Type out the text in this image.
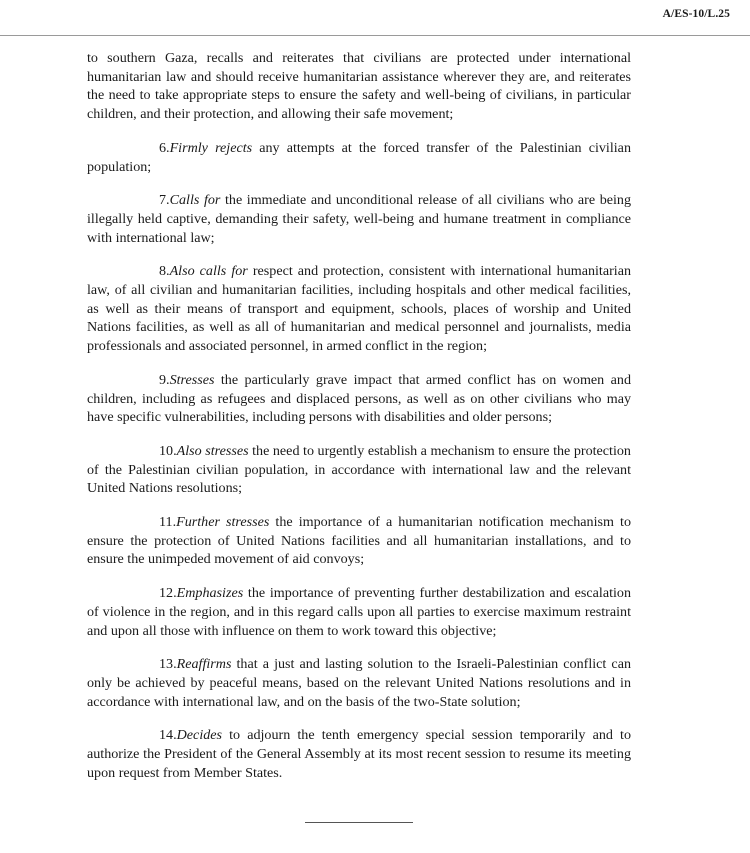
A/ES-10/L.25

to southern Gaza, recalls and reiterates that civilians are protected under international humanitarian law and should receive humanitarian assistance wherever they are, and reiterates the need to take appropriate steps to ensure the safety and well-being of civilians, in particular children, and their protection, and allowing their safe movement;

6.Firmly rejects any attempts at the forced transfer of the Palestinian civilian population;

7.Calls for the immediate and unconditional release of all civilians who are being illegally held captive, demanding their safety, well-being and humane treatment in compliance with international law;

8.Also calls for respect and protection, consistent with international humanitarian law, of all civilian and humanitarian facilities, including hospitals and other medical facilities, as well as their means of transport and equipment, schools, places of worship and United Nations facilities, as well as all of humanitarian and medical personnel and journalists, media professionals and associated personnel, in armed conflict in the region;

9.Stresses the particularly grave impact that armed conflict has on women and children, including as refugees and displaced persons, as well as on other civilians who may have specific vulnerabilities, including persons with disabilities and older persons;

10.Also stresses the need to urgently establish a mechanism to ensure the protection of the Palestinian civilian population, in accordance with international law and the relevant United Nations resolutions;

11.Further stresses the importance of a humanitarian notification mechanism to ensure the protection of United Nations facilities and all humanitarian installations, and to ensure the unimpeded movement of aid convoys;

12.Emphasizes the importance of preventing further destabilization and escalation of violence in the region, and in this regard calls upon all parties to exercise maximum restraint and upon all those with influence on them to work toward this objective;

13.Reaffirms that a just and lasting solution to the Israeli-Palestinian conflict can only be achieved by peaceful means, based on the relevant United Nations resolutions and in accordance with international law, and on the basis of the two-State solution;

14.Decides to adjourn the tenth emergency special session temporarily and to authorize the President of the General Assembly at its most recent session to resume its meeting upon request from Member States.
